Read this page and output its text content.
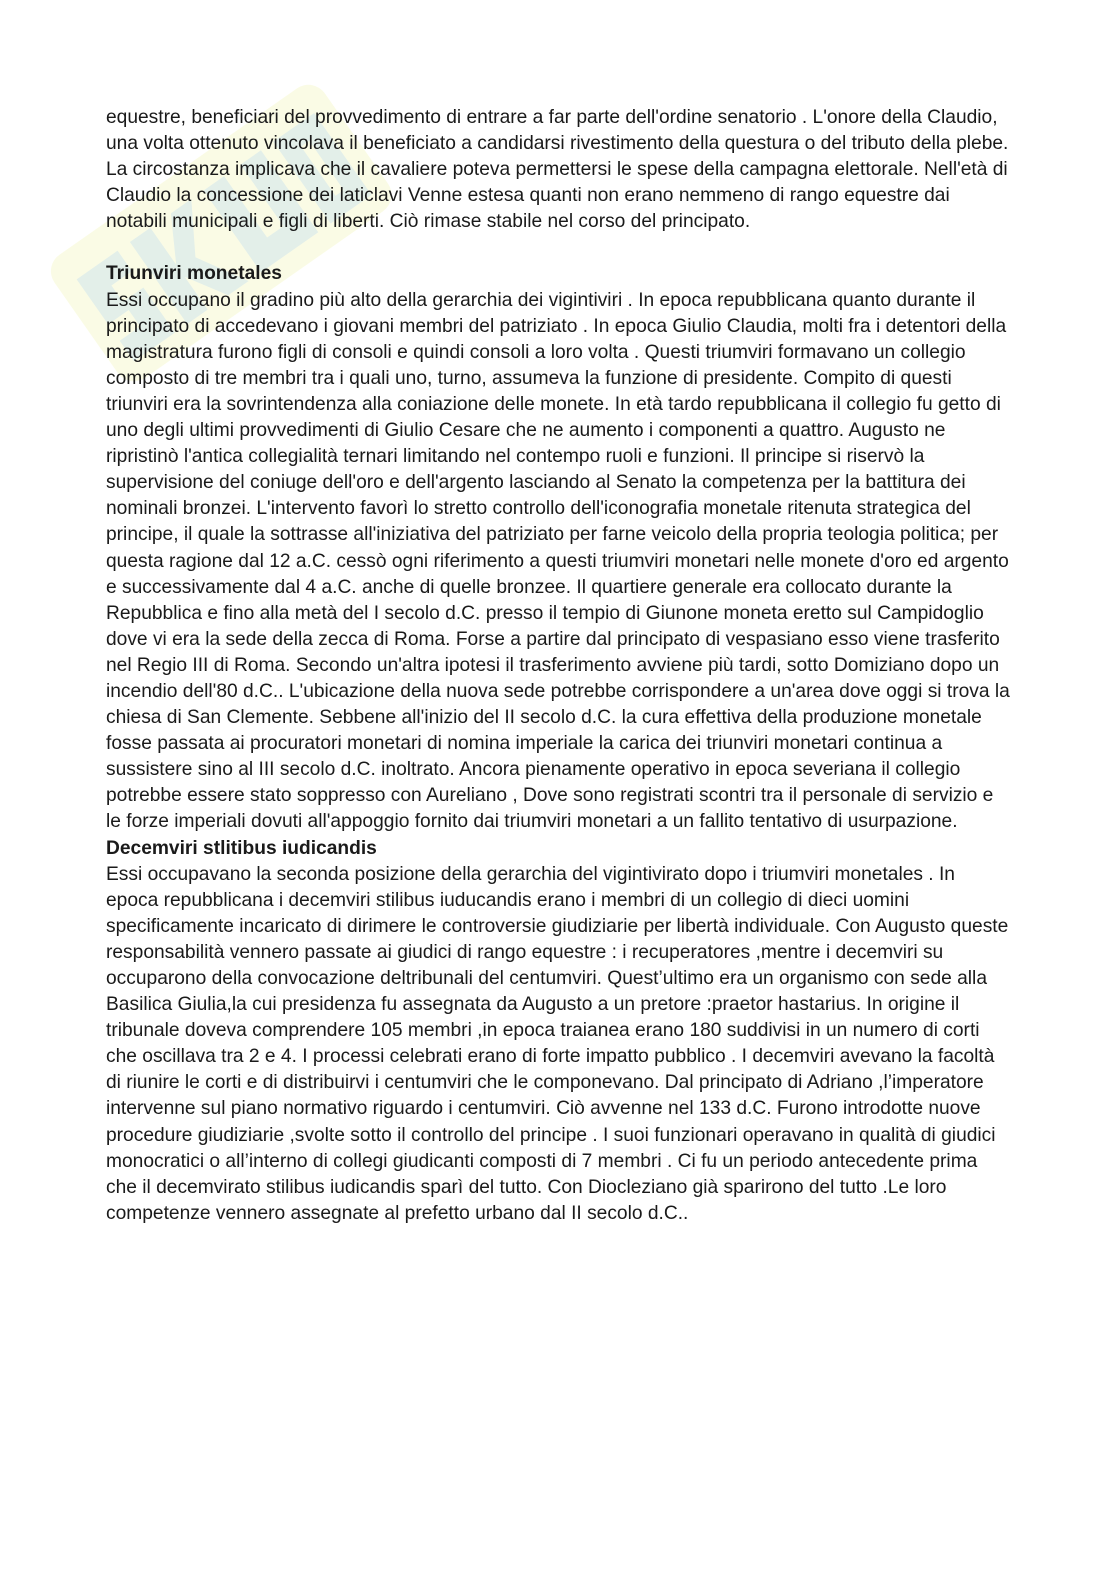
equestre, beneficiari del provvedimento di entrare a far parte dell'ordine senatorio . L'onore della Claudio, una volta ottenuto vincolava il beneficiato a candidarsi rivestimento della questura o del tributo della plebe. La circostanza implicava che il cavaliere poteva permettersi le spese della campagna elettorale. Nell'età di Claudio la concessione dei laticlavi Venne estesa quanti non erano nemmeno di rango equestre dai notabili municipali e figli di liberti. Ciò rimase stabile nel corso del principato.

Triunviri monetales

Essi occupano il gradino più alto della gerarchia dei vigintiviri . In epoca repubblicana quanto durante il principato di accedevano i giovani membri del patriziato . In epoca Giulio Claudia, molti fra i detentori della magistratura furono figli di consoli e quindi consoli a loro volta . Questi triumviri formavano un collegio composto di tre membri tra i quali uno, turno, assumeva la funzione di presidente. Compito di questi triunviri era la sovrintendenza alla coniazione delle monete. In età tardo repubblicana il collegio fu getto di uno degli ultimi provvedimenti di Giulio Cesare che ne aumento i componenti a quattro. Augusto ne ripristinò l'antica collegialità ternari limitando nel contempo ruoli e funzioni. Il principe si riservò la supervisione del coniuge dell'oro e dell'argento lasciando al Senato la competenza per la battitura dei nominali bronzei. L'intervento favorì lo stretto controllo dell'iconografia monetale ritenuta strategica del principe, il quale la sottrasse all'iniziativa del patriziato per farne veicolo della propria teologia politica; per questa ragione dal 12 a.C. cessò ogni riferimento a questi triumviri monetari nelle monete d'oro ed argento e successivamente dal 4 a.C. anche di quelle bronzee. Il quartiere generale era collocato durante la Repubblica e fino alla metà del I secolo d.C. presso il tempio di Giunone moneta eretto sul Campidoglio dove vi era la sede della zecca di Roma. Forse a partire dal principato di vespasiano esso viene trasferito nel Regio III di Roma. Secondo un'altra ipotesi il trasferimento avviene più tardi, sotto Domiziano dopo un incendio dell'80 d.C.. L'ubicazione della nuova sede potrebbe corrispondere a un'area dove oggi si trova la chiesa di San Clemente. Sebbene all'inizio del II secolo d.C. la cura effettiva della produzione monetale fosse passata ai procuratori monetari di nomina imperiale la carica dei triunviri monetari continua a sussistere sino al III secolo d.C. inoltrato. Ancora pienamente operativo in epoca severiana il collegio potrebbe essere stato soppresso con Aureliano , Dove sono registrati scontri tra il personale di servizio e le forze imperiali dovuti all'appoggio fornito dai triumviri monetari a un fallito tentativo di usurpazione.

Decemviri stlitibus iudicandis

Essi occupavano la seconda posizione della gerarchia del vigintivirato dopo i triumviri monetales . In epoca repubblicana i decemviri stilibus iuducandis erano i membri di un collegio di dieci uomini specificamente incaricato di dirimere le controversie giudiziarie per libertà individuale. Con Augusto queste responsabilità vennero passate ai giudici di rango equestre : i recuperatores ,mentre i decemviri su occuparono della convocazione deltribunali del centumviri. Quest’ultimo era un organismo con sede alla Basilica Giulia,la cui presidenza fu assegnata da Augusto a un pretore :praetor hastarius. In origine il tribunale doveva comprendere 105 membri ,in epoca traianea erano 180 suddivisi in un numero di corti che oscillava tra 2 e 4. I processi celebrati erano di forte impatto pubblico . I decemviri avevano la facoltà di riunire le corti e di distribuirvi i centumviri che le componevano. Dal principato di Adriano ,l’imperatore intervenne sul piano normativo riguardo i centumviri. Ciò avvenne nel 133 d.C. Furono introdotte nuove procedure giudiziarie ,svolte sotto il controllo del principe . I suoi funzionari operavano in qualità di giudici monocratici o all’interno di collegi giudicanti composti di 7 membri . Ci fu un periodo antecedente prima che il decemvirato stilibus iudicandis sparì del tutto. Con Diocleziano già sparirono del tutto .Le loro competenze vennero assegnate al prefetto urbano dal II secolo d.C..
